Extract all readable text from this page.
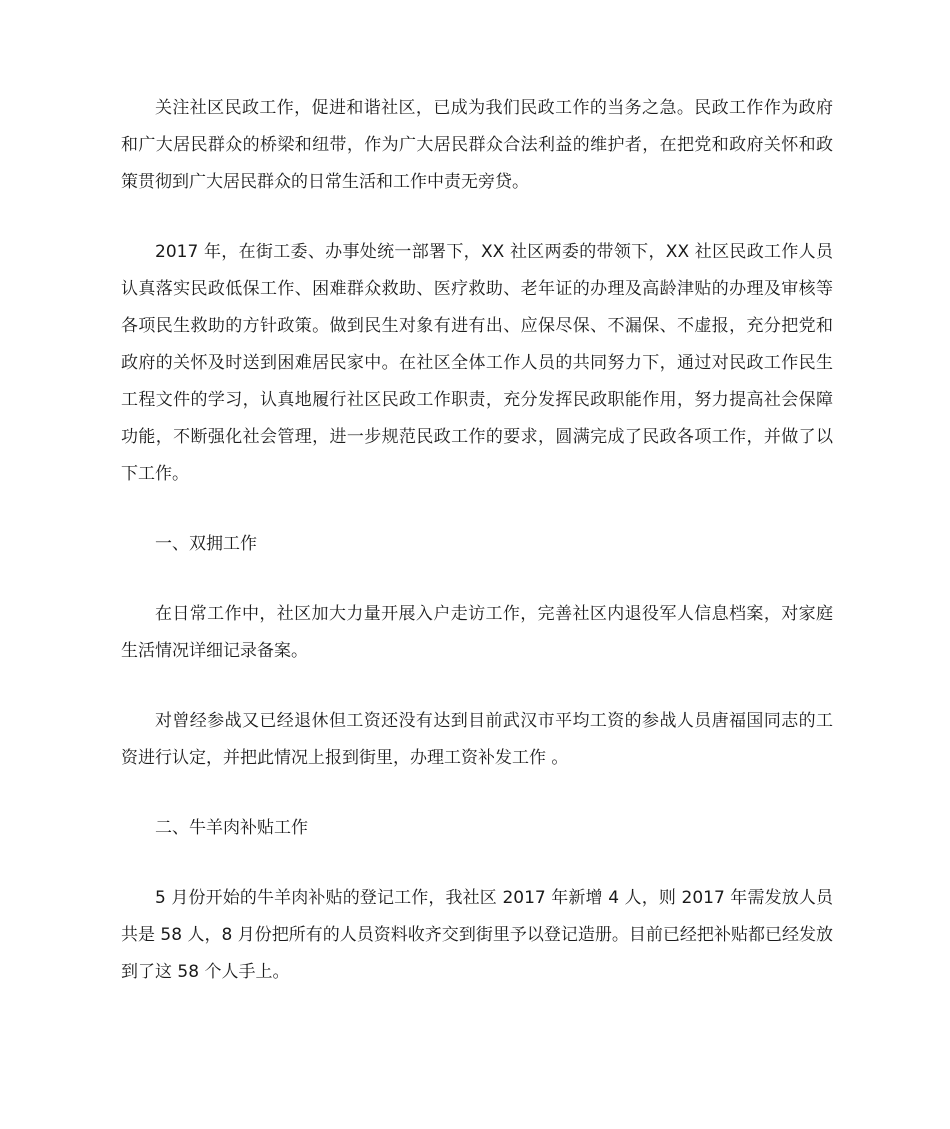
关注社区民政工作，促进和谐社区，已成为我们民政工作的当务之急。民政工作作为政府和广大居民群众的桥梁和纽带，作为广大居民群众合法利益的维护者，在把党和政府关怀和政策贯彻到广大居民群众的日常生活和工作中责无旁贷。

2017 年，在街工委、办事处统一部署下，XX 社区两委的带领下，XX 社区民政工作人员认真落实民政低保工作、困难群众救助、医疗救助、老年证的办理及高龄津贴的办理及审核等各项民生救助的方针政策。做到民生对象有进有出、应保尽保、不漏保、不虚报，充分把党和政府的关怀及时送到困难居民家中。在社区全体工作人员的共同努力下，通过对民政工作民生工程文件的学习，认真地履行社区民政工作职责，充分发挥民政职能作用，努力提高社会保障功能，不断强化社会管理，进一步规范民政工作的要求，圆满完成了民政各项工作，并做了以下工作。

一、双拥工作

在日常工作中，社区加大力量开展入户走访工作，完善社区内退役军人信息档案，对家庭生活情况详细记录备案。

对曾经参战又已经退休但工资还没有达到目前武汉市平均工资的参战人员唐福国同志的工资进行认定，并把此情况上报到街里，办理工资补发工作 。

二、牛羊肉补贴工作

5 月份开始的牛羊肉补贴的登记工作，我社区 2017 年新增 4 人，则 2017 年需发放人员共是 58 人，8 月份把所有的人员资料收齐交到街里予以登记造册。目前已经把补贴都已经发放到了这 58 个人手上。
